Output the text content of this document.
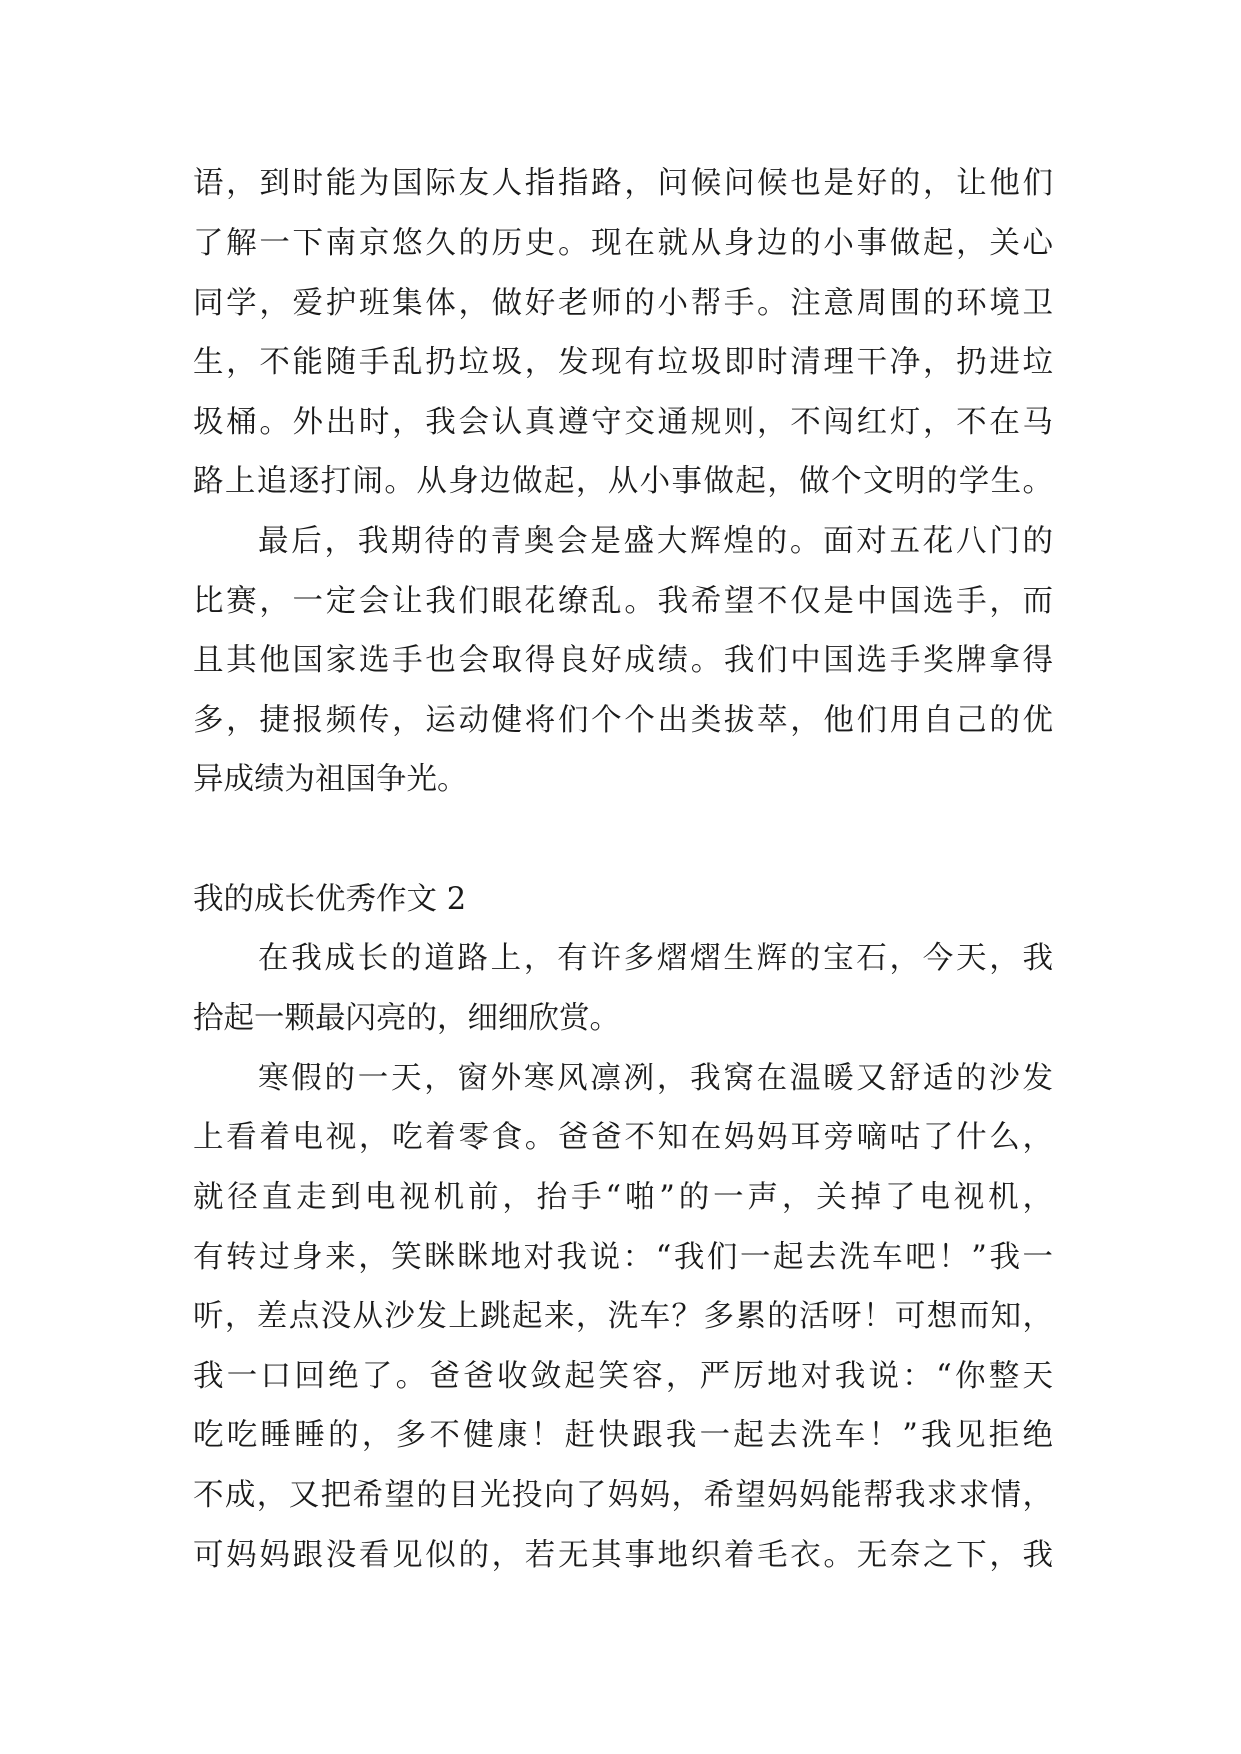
语，到时能为国际友人指指路，问候问候也是好的，让他们
了解一下南京悠久的历史。现在就从身边的小事做起，关心
同学，爱护班集体，做好老师的小帮手。注意周围的环境卫
生，不能随手乱扔垃圾，发现有垃圾即时清理干净，扔进垃
圾桶。外出时，我会认真遵守交通规则，不闯红灯，不在马
路上追逐打闹。从身边做起，从小事做起，做个文明的学生。
最后，我期待的青奥会是盛大辉煌的。面对五花八门的
比赛，一定会让我们眼花缭乱。我希望不仅是中国选手，而
且其他国家选手也会取得良好成绩。我们中国选手奖牌拿得
多，捷报频传，运动健将们个个出类拔萃，他们用自己的优
异成绩为祖国争光。
我的成长优秀作文 2
在我成长的道路上，有许多熠熠生辉的宝石，今天，我
拾起一颗最闪亮的，细细欣赏。
寒假的一天，窗外寒风凛冽，我窝在温暖又舒适的沙发
上看着电视，吃着零食。爸爸不知在妈妈耳旁嘀咕了什么，
就径直走到电视机前，抬手“啪”的一声，关掉了电视机，
有转过身来，笑眯眯地对我说：“我们一起去洗车吧！”我一
听，差点没从沙发上跳起来，洗车？多累的活呀！可想而知，
我一口回绝了。爸爸收敛起笑容，严厉地对我说：“你整天
吃吃睡睡的，多不健康！赶快跟我一起去洗车！”我见拒绝
不成，又把希望的目光投向了妈妈，希望妈妈能帮我求求情，
可妈妈跟没看见似的，若无其事地织着毛衣。无奈之下，我
